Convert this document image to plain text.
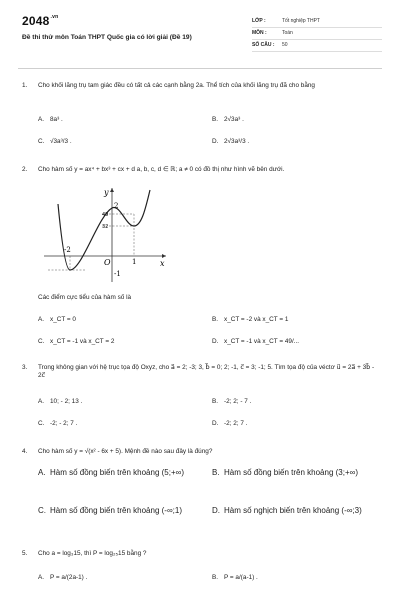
$2048^{.vn}$
Đề thi thử môn Toán THPT Quốc gia có lời giải (Đề 19)
LỚP :	Tốt nghiệp THPT
MÔN :	Toán
SỐ CÂU :	50
1.	Cho khối lăng trụ tam giác đều có tất cả các cạnh bằng 2a. Thể tích của khối lăng trụ đã cho bằng
A. 8a³ .	B. 2√3a³ .
C. √3a³/3 .	D. 2√3a³/3 .
2.	Cho hàm số y = ax⁴ + bx³ + cx + d a, b, c, d ∈ ℝ; a ≠ 0 có đồ thị như hình vẽ bên dưới.
y
x
O
49
32
2
-2
-1
1
Các điểm cực tiểu của hàm số là
A. x_CT = 0	B. x_CT = -2 và x_CT = 1
C. x_CT = -1 và x_CT = 2	D. x_CT = -1 và x_CT = 49/...
3.	Trong không gian với hệ trục tọa độ Oxyz, cho a⃗ = 2; -3; 3, b⃗ = 0; 2; -1, c⃗ = 3; -1; 5. Tìm tọa độ của véctơ u⃗ = 2a⃗ + 3b⃗ - 2c⃗
A. 10; - 2; 13 .	B. -2; 2; - 7 .
C. -2; - 2; 7 .	D. -2; 2; 7 .
4.	Cho hàm số y = √(x² - 6x + 5). Mệnh đề nào sau đây là đúng?
A. Hàm số đồng biến trên khoảng (5;+∞)	B. Hàm số đồng biến trên khoảng (3;+∞)
C. Hàm số đồng biến trên khoảng (-∞;1)	D. Hàm số nghịch biến trên khoảng (-∞;3)
5.	Cho a = log₃15, thì P = log₂₅15 bằng ?
A. P = a/(2a-1) .	B. P = a/(a-1) .
